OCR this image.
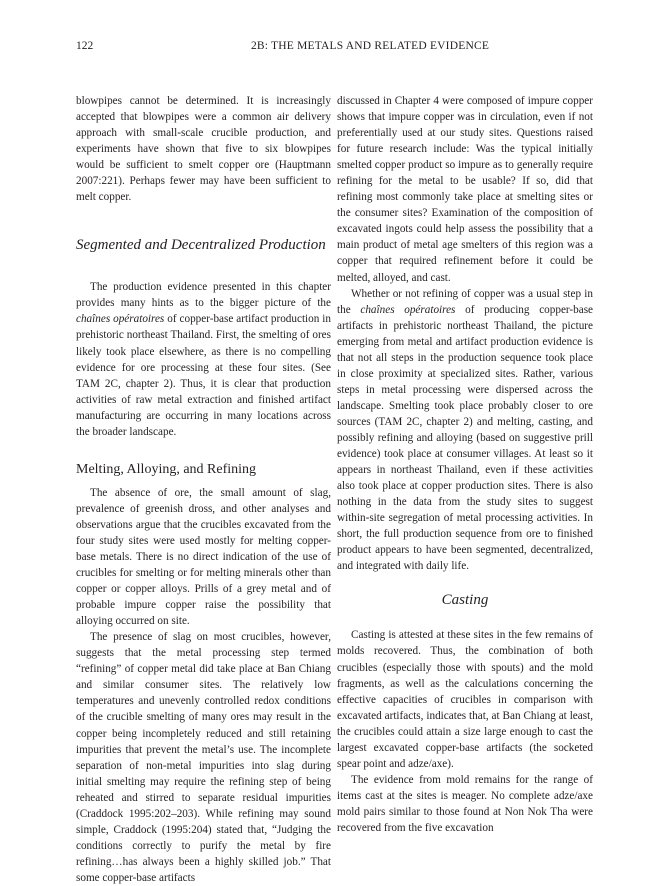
122	2B: THE METALS AND RELATED EVIDENCE

blowpipes cannot be determined. It is increasingly accepted that blowpipes were a common air delivery approach with small-scale crucible production, and experiments have shown that five to six blowpipes would be sufficient to smelt copper ore (Hauptmann 2007:221). Perhaps fewer may have been sufficient to melt copper.

Segmented and Decentralized Production

The production evidence presented in this chapter provides many hints as to the bigger picture of the chaînes opératoires of copper-base artifact production in prehistoric northeast Thailand. First, the smelting of ores likely took place elsewhere, as there is no compelling evidence for ore processing at these four sites. (See TAM 2C, chapter 2). Thus, it is clear that production activities of raw metal extraction and finished artifact manufacturing are occurring in many locations across the broader landscape.

Melting, Alloying, and Refining

The absence of ore, the small amount of slag, prevalence of greenish dross, and other analyses and observations argue that the crucibles excavated from the four study sites were used mostly for melting copper-base metals. There is no direct indication of the use of crucibles for smelting or for melting minerals other than copper or copper alloys. Prills of a grey metal and of probable impure copper raise the possibility that alloying occurred on site.

The presence of slag on most crucibles, however, suggests that the metal processing step termed “refining” of copper metal did take place at Ban Chiang and similar consumer sites. The relatively low temperatures and unevenly controlled redox conditions of the crucible smelting of many ores may result in the copper being incompletely reduced and still retaining impurities that prevent the metal’s use. The incomplete separation of non-metal impurities into slag during initial smelting may require the refining step of being reheated and stirred to separate residual impurities (Craddock 1995:202–203). While refining may sound simple, Craddock (1995:204) stated that, “Judging the conditions correctly to purify the metal by fire refining…has always been a highly skilled job.” That some copper-base artifacts

discussed in Chapter 4 were composed of impure copper shows that impure copper was in circulation, even if not preferentially used at our study sites. Questions raised for future research include: Was the typical initially smelted copper product so impure as to generally require refining for the metal to be usable? If so, did that refining most commonly take place at smelting sites or the consumer sites? Examination of the composition of excavated ingots could help assess the possibility that a main product of metal age smelters of this region was a copper that required refinement before it could be melted, alloyed, and cast.

Whether or not refining of copper was a usual step in the chaînes opératoires of producing copper-base artifacts in prehistoric northeast Thailand, the picture emerging from metal and artifact production evidence is that not all steps in the production sequence took place in close proximity at specialized sites. Rather, various steps in metal processing were dispersed across the landscape. Smelting took place probably closer to ore sources (TAM 2C, chapter 2) and melting, casting, and possibly refining and alloying (based on suggestive prill evidence) took place at consumer villages. At least so it appears in northeast Thailand, even if these activities also took place at copper production sites. There is also nothing in the data from the study sites to suggest within-site segregation of metal processing activities. In short, the full production sequence from ore to finished product appears to have been segmented, decentralized, and integrated with daily life.

Casting

Casting is attested at these sites in the few remains of molds recovered. Thus, the combination of both crucibles (especially those with spouts) and the mold fragments, as well as the calculations concerning the effective capacities of crucibles in comparison with excavated artifacts, indicates that, at Ban Chiang at least, the crucibles could attain a size large enough to cast the largest excavated copper-base artifacts (the socketed spear point and adze/axe).

The evidence from mold remains for the range of items cast at the sites is meager. No complete adze/axe mold pairs similar to those found at Non Nok Tha were recovered from the five excavation
